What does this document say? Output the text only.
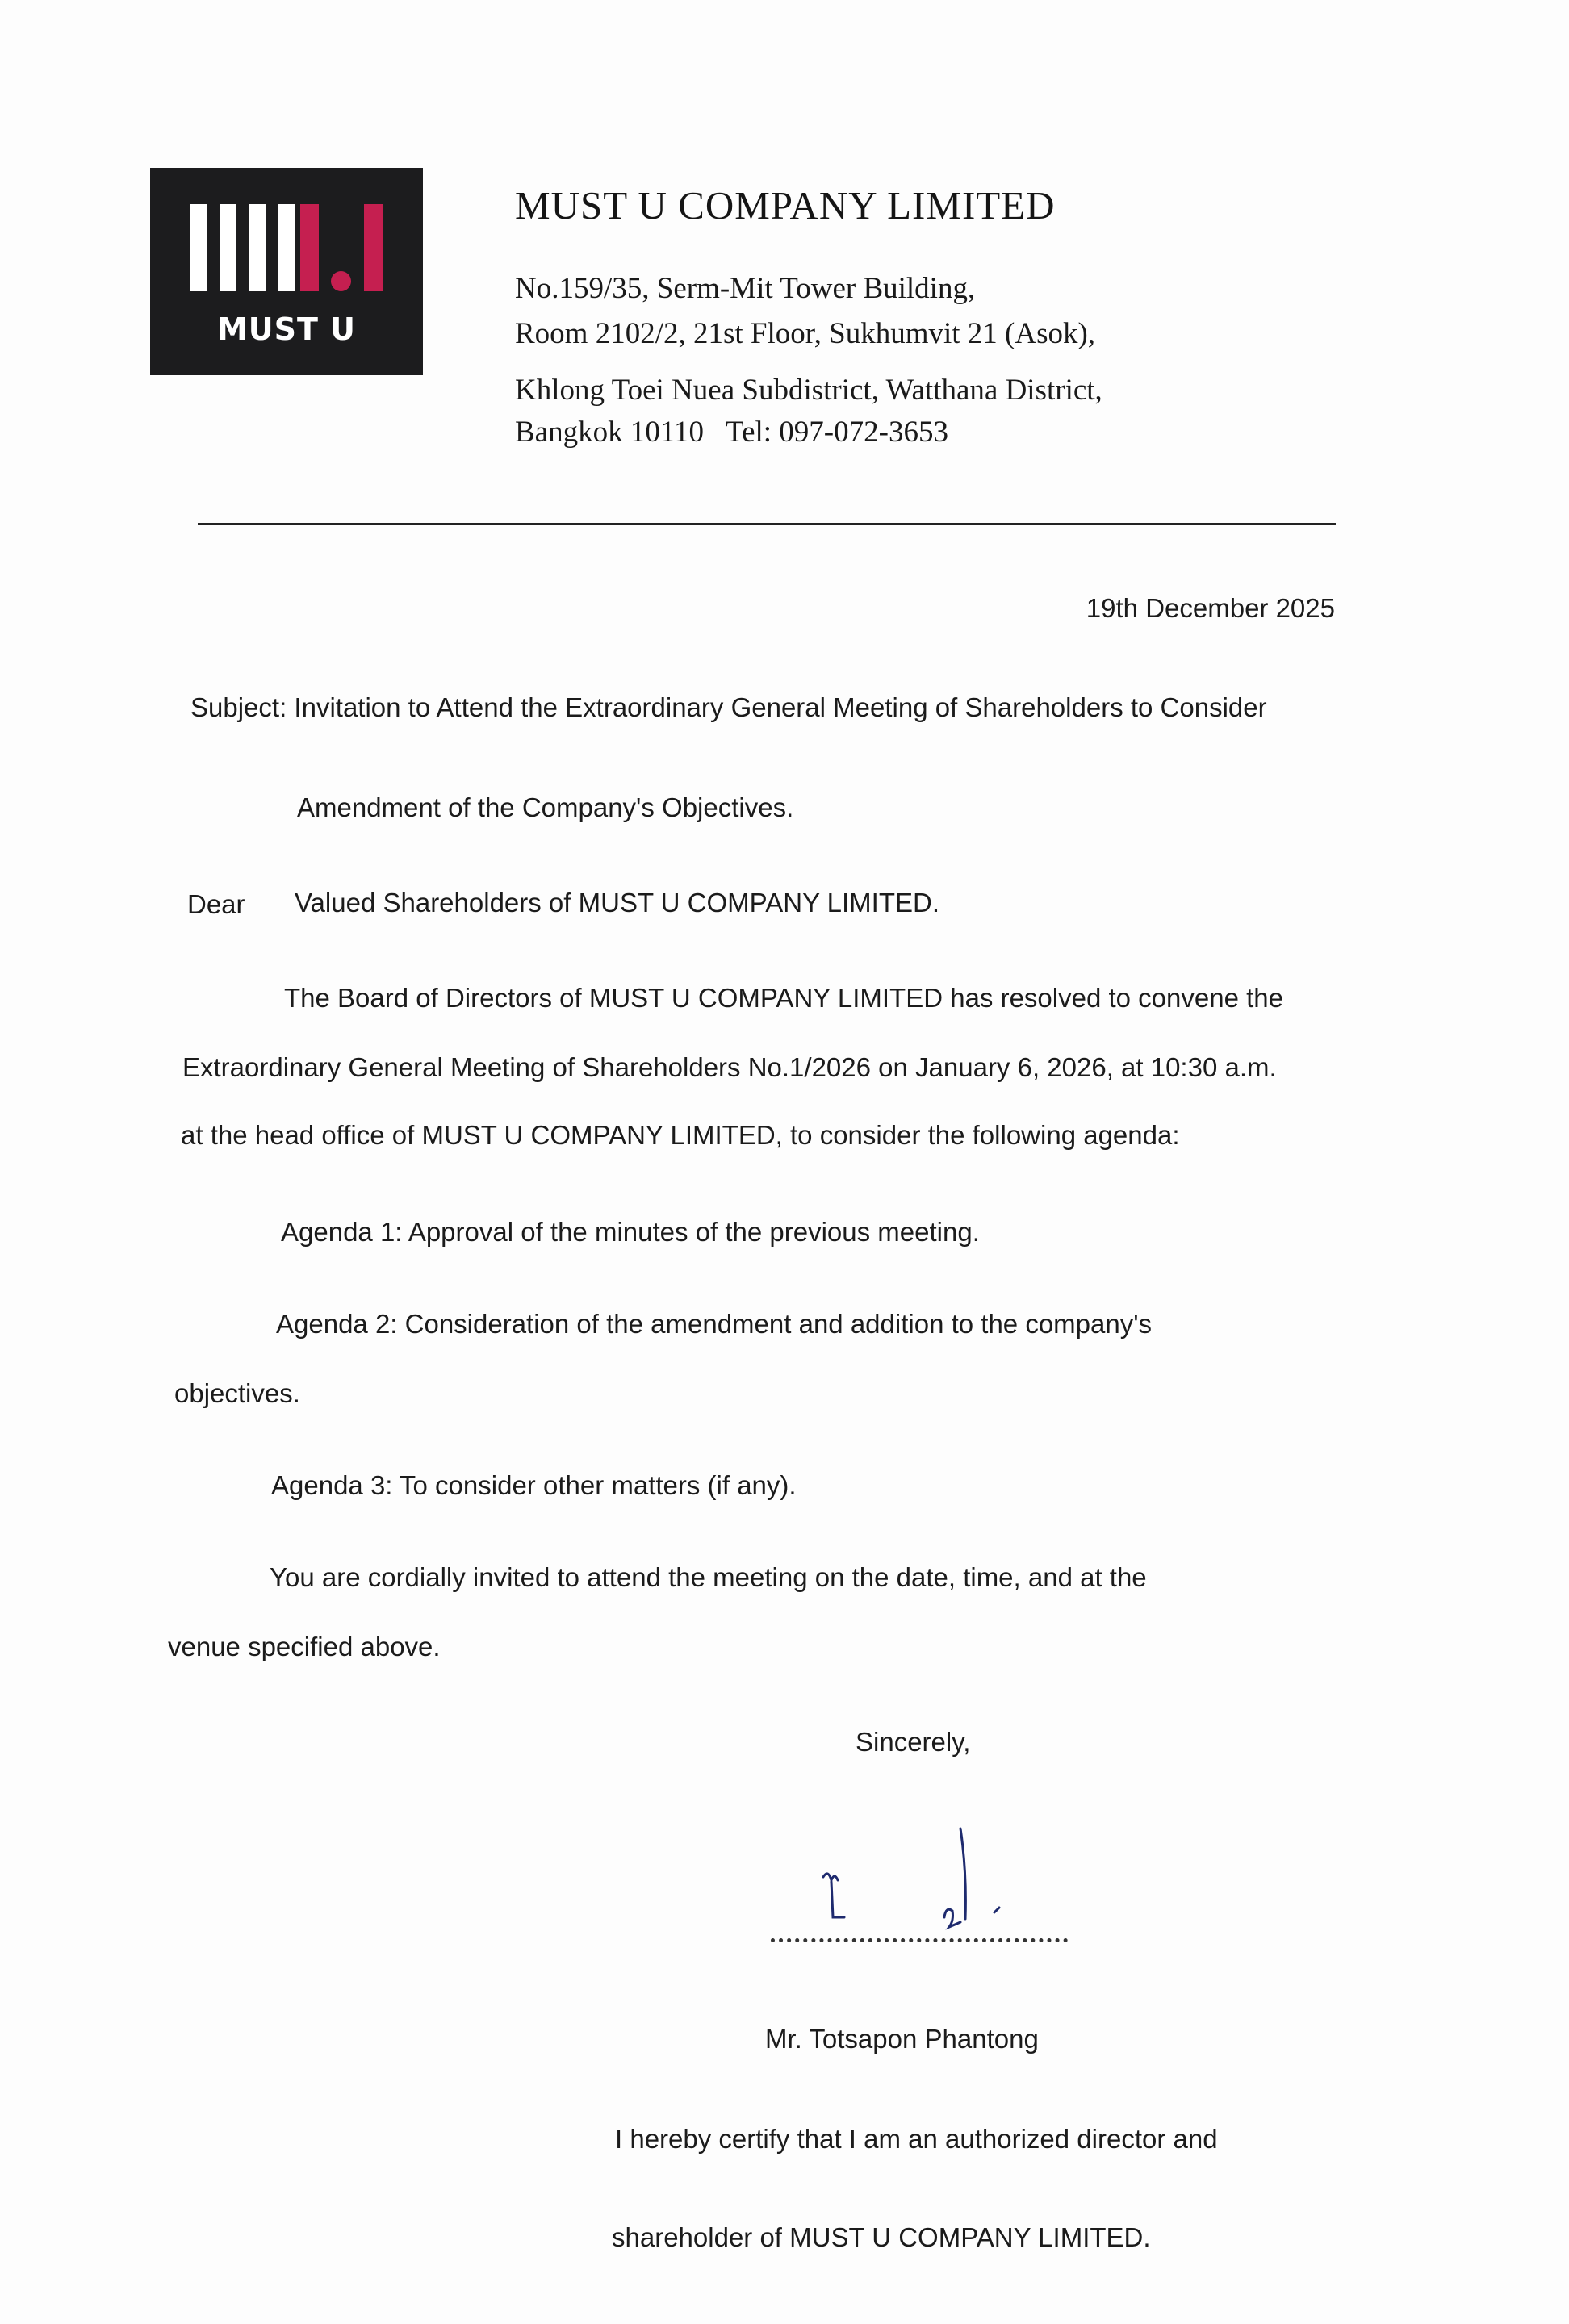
MUST U
MUST U COMPANY LIMITED
No.159/35, Serm-Mit Tower Building,
Room 2102/2, 21st Floor, Sukhumvit 21 (Asok),
Khlong Toei Nuea Subdistrict, Watthana District,
Bangkok 10110   Tel: 097-072-3653
19th December 2025
Subject: Invitation to Attend the Extraordinary General Meeting of Shareholders to Consider
Amendment of the Company's Objectives.
Dear Valued Shareholders of MUST U COMPANY LIMITED.
The Board of Directors of MUST U COMPANY LIMITED has resolved to convene the
Extraordinary General Meeting of Shareholders No.1/2026 on January 6, 2026, at 10:30 a.m.
at the head office of MUST U COMPANY LIMITED, to consider the following agenda:
Agenda 1: Approval of the minutes of the previous meeting.
Agenda 2: Consideration of the amendment and addition to the company's
objectives.
Agenda 3: To consider other matters (if any).
You are cordially invited to attend the meeting on the date, time, and at the
venue specified above.
Sincerely,
Mr. Totsapon Phantong
I hereby certify that I am an authorized director and
shareholder of MUST U COMPANY LIMITED.
